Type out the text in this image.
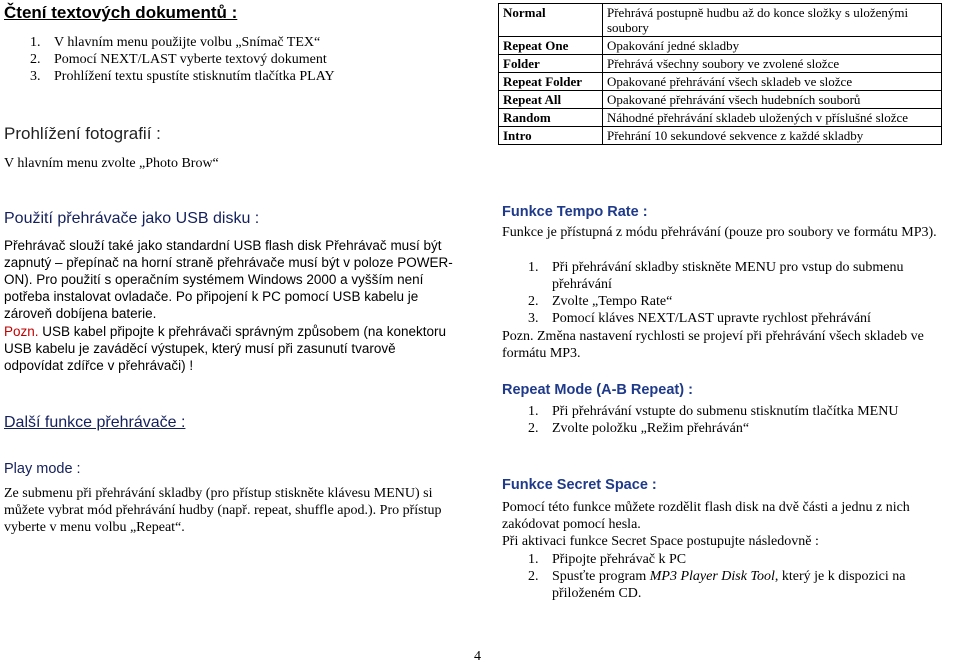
Čtení textových dokumentů :
1. V hlavním menu použijte volbu „Snímač TEX“
2. Pomocí NEXT/LAST vyberte textový dokument
3. Prohlížení textu spustíte stisknutím tlačítka PLAY
Prohlížení fotografií :
V hlavním menu zvolte „Photo Brow“
Normal	Přehrává postupně hudbu až do konce složky s uloženými soubory
Repeat One	Opakování jedné skladby
Folder	Přehrává všechny soubory ve zvolené složce
Repeat Folder	Opakované přehrávání všech skladeb ve složce
Repeat All	Opakované přehrávání všech hudebních souborů
Random	Náhodné přehrávání skladeb uložených v příslušné složce
Intro	Přehrání 10 sekundové sekvence z každé skladby
Použití přehrávače jako USB disku :
Přehrávač slouží také jako standardní USB flash disk Přehrávač musí být zapnutý – přepínač na horní straně přehrávače musí být v poloze POWER-ON). Pro použití s operačním systémem Windows 2000 a vyšším není potřeba instalovat ovladače. Po připojení k PC pomocí USB kabelu je zároveň dobíjena baterie.
Pozn. USB kabel připojte k přehrávači správným způsobem (na konektoru USB kabelu je zaváděcí výstupek, který musí při zasunutí tvarově odpovídat zdířce v přehrávači) !
Další funkce přehrávače :
Play mode :
Ze submenu při přehrávání skladby (pro přístup stiskněte klávesu MENU) si můžete vybrat mód přehrávání hudby (např. repeat, shuffle apod.). Pro přístup vyberte v menu volbu „Repeat“.
Funkce Tempo Rate :
Funkce je přístupná z módu přehrávání (pouze pro soubory ve formátu MP3).
1. Při přehrávání skladby stiskněte MENU pro vstup do submenu přehrávání
2. Zvolte „Tempo Rate“
3. Pomocí kláves NEXT/LAST upravte rychlost přehrávání
Pozn. Změna nastavení rychlosti se projeví při přehrávání všech skladeb ve formátu MP3.
Repeat Mode (A-B Repeat) :
1. Při přehrávání vstupte do submenu stisknutím tlačítka MENU
2. Zvolte položku „Režim přehráván“
Funkce Secret Space :
Pomocí této funkce můžete rozdělit flash disk na dvě části a jednu z nich zakódovat pomocí hesla.
Při aktivaci funkce Secret Space postupujte následovně :
1. Připojte přehrávač k PC
2. Spusťte program MP3 Player Disk Tool, který je k dispozici na přiloženém CD.
4
